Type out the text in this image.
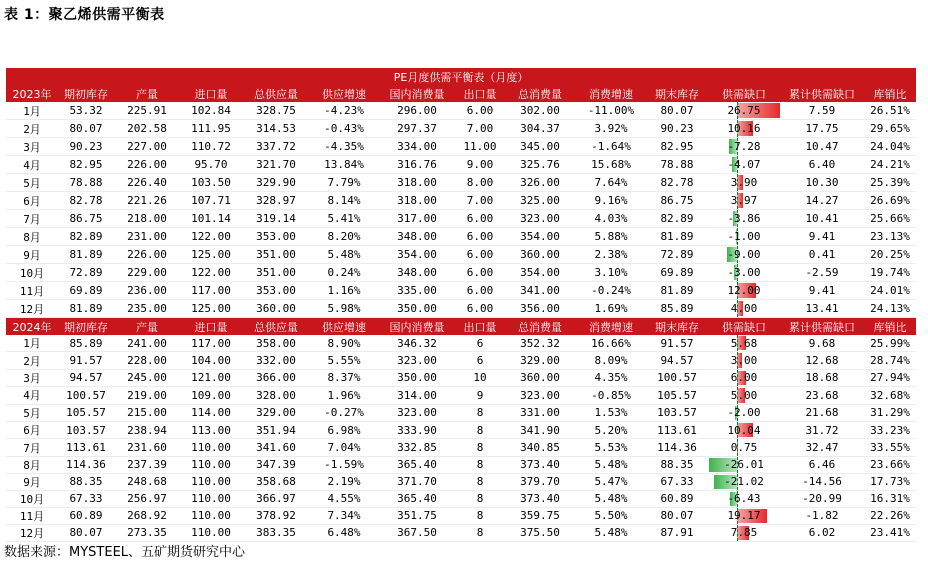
表 1：聚乙烯供需平衡表
PE月度供需平衡表（月度）													
2023年	期初库存	产量	进口量	总供应量	供应增速	国内消费量	出口量	总消费量	消费增速	期末库存	供需缺口	累计供需缺口	库销比
1月	53.32	225.91	102.84	328.75	-4.23%	296.00	6.00	302.00	-11.00%	80.07	26.75	7.59	26.51%
2月	80.07	202.58	111.95	314.53	-0.43%	297.37	7.00	304.37	3.92%	90.23	10.16	17.75	29.65%
3月	90.23	227.00	110.72	337.72	-4.35%	334.00	11.00	345.00	-1.64%	82.95	-7.28	10.47	24.04%
4月	82.95	226.00	95.70	321.70	13.84%	316.76	9.00	325.76	15.68%	78.88	-4.07	6.40	24.21%
5月	78.88	226.40	103.50	329.90	7.79%	318.00	8.00	326.00	7.64%	82.78	3.90	10.30	25.39%
6月	82.78	221.26	107.71	328.97	8.14%	318.00	7.00	325.00	9.16%	86.75	3.97	14.27	26.69%
7月	86.75	218.00	101.14	319.14	5.41%	317.00	6.00	323.00	4.03%	82.89	-3.86	10.41	25.66%
8月	82.89	231.00	122.00	353.00	8.20%	348.00	6.00	354.00	5.88%	81.89	-1.00	9.41	23.13%
9月	81.89	226.00	125.00	351.00	5.48%	354.00	6.00	360.00	2.38%	72.89	-9.00	0.41	20.25%
10月	72.89	229.00	122.00	351.00	0.24%	348.00	6.00	354.00	3.10%	69.89	-3.00	-2.59	19.74%
11月	69.89	236.00	117.00	353.00	1.16%	335.00	6.00	341.00	-0.24%	81.89	12.00	9.41	24.01%
12月	81.89	235.00	125.00	360.00	5.98%	350.00	6.00	356.00	1.69%	85.89	4.00	13.41	24.13%
2024年	期初库存	产量	进口量	总供应量	供应增速	国内消费量	出口量	总消费量	消费增速	期末库存	供需缺口	累计供需缺口	库销比
1月	85.89	241.00	117.00	358.00	8.90%	346.32	6	352.32	16.66%	91.57	5.68	9.68	25.99%
2月	91.57	228.00	104.00	332.00	5.55%	323.00	6	329.00	8.09%	94.57	3.00	12.68	28.74%
3月	94.57	245.00	121.00	366.00	8.37%	350.00	10	360.00	4.35%	100.57	6.00	18.68	27.94%
4月	100.57	219.00	109.00	328.00	1.96%	314.00	9	323.00	-0.85%	105.57	5.00	23.68	32.68%
5月	105.57	215.00	114.00	329.00	-0.27%	323.00	8	331.00	1.53%	103.57	-2.00	21.68	31.29%
6月	103.57	238.94	113.00	351.94	6.98%	333.90	8	341.90	5.20%	113.61	10.04	31.72	33.23%
7月	113.61	231.60	110.00	341.60	7.04%	332.85	8	340.85	5.53%	114.36	0.75	32.47	33.55%
8月	114.36	237.39	110.00	347.39	-1.59%	365.40	8	373.40	5.48%	88.35	-26.01	6.46	23.66%
9月	88.35	248.68	110.00	358.68	2.19%	371.70	8	379.70	5.47%	67.33	-21.02	-14.56	17.73%
10月	67.33	256.97	110.00	366.97	4.55%	365.40	8	373.40	5.48%	60.89	-6.43	-20.99	16.31%
11月	60.89	268.92	110.00	378.92	7.34%	351.75	8	359.75	5.50%	80.07	19.17	-1.82	22.26%
12月	80.07	273.35	110.00	383.35	6.48%	367.50	8	375.50	5.48%	87.91	7.85	6.02	23.41%
数据来源：MYSTEEL、五矿期货研究中心
